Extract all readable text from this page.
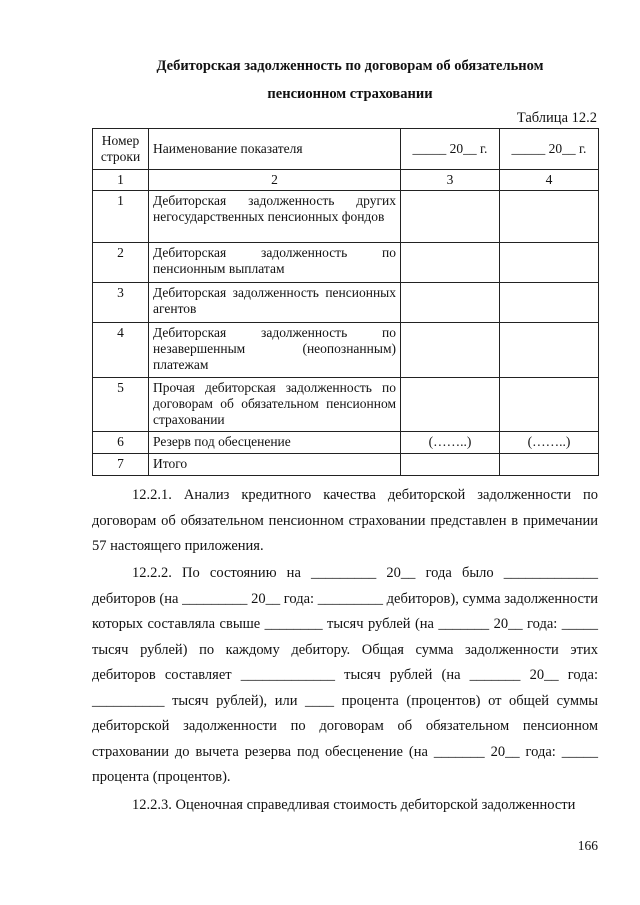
Дебиторская задолженность по договорам об обязательном
пенсионном страховании
Таблица 12.2
Номер строки	Наименование показателя	_____ 20__ г.	_____ 20__ г.
1	2	3	4
1	Дебиторская задолженность других негосударственных пенсионных фондов		
2	Дебиторская задолженность по пенсионным выплатам		
3	Дебиторская задолженность пенсионных агентов		
4	Дебиторская задолженность по незавершенным (неопознанным) платежам		
5	Прочая дебиторская задолженность по договорам об обязательном пенсионном страховании		
6	Резерв под обесценение	(……..)	(……..)
7	Итого		

12.2.1. Анализ кредитного качества дебиторской задолженности по договорам об обязательном пенсионном страховании представлен в примечании 57 настоящего приложения.

12.2.2. По состоянию на _________ 20__ года было _____________ дебиторов (на _________ 20__ года: _________ дебиторов), сумма задолженности которых составляла свыше ________ тысяч рублей (на _______ 20__ года: _____ тысяч рублей) по каждому дебитору. Общая сумма задолженности этих дебиторов составляет _____________ тысяч рублей (на _______ 20__ года: __________ тысяч рублей), или ____ процента (процентов) от общей суммы дебиторской задолженности по договорам об обязательном пенсионном страховании до вычета резерва под обесценение (на _______ 20__ года: _____ процента (процентов).

12.2.3. Оценочная справедливая стоимость дебиторской задолженности

166
